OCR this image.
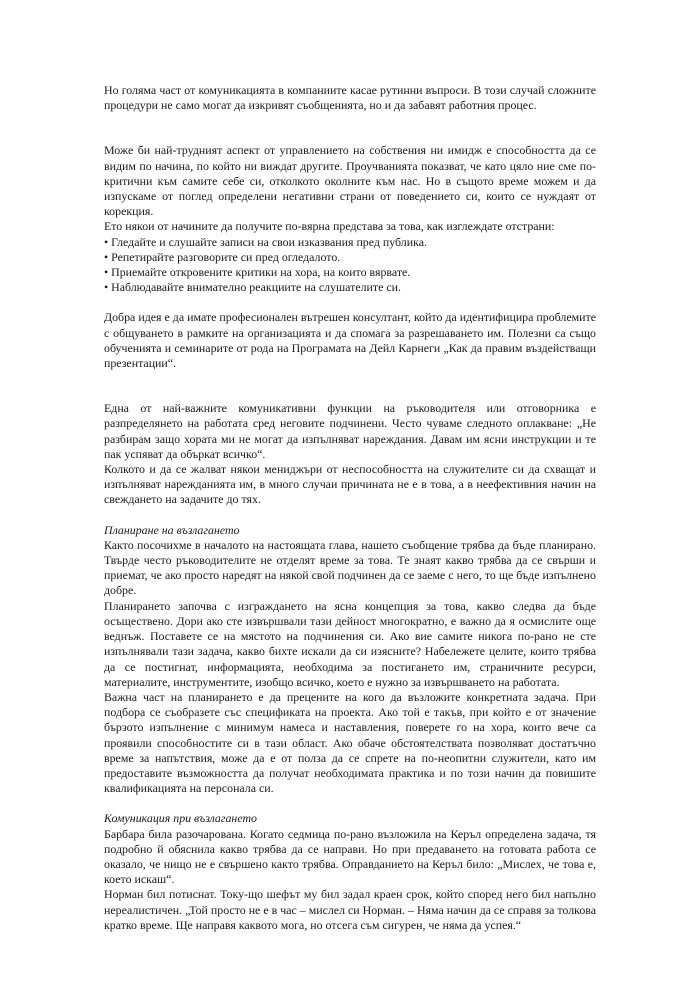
Но голяма част от комуникацията в компаниите касае рутинни въпроси. В този случай сложните процедури не само могат да изкривят съобщенията, но и да забавят работния процес.

Може би най-трудният аспект от управлението на собствения ни имидж е способността да се видим по начина, по който ни виждат другите. Проучванията показват, че като цяло ние сме по-критични към самите себе си, отколкото околните към нас. Но в същото време можем и да изпускаме от поглед определени негативни страни от поведението си, които се нуждаят от корекция.

Ето някои от начините да получите по-вярна представа за това, как изглеждате отстрани:

• Гледайте и слушайте записи на свои изказвания пред публика.

• Репетирайте разговорите си пред огледалото.

• Приемайте откровените критики на хора, на които вярвате.

• Наблюдавайте внимателно реакциите на слушателите си.

Добра идея е да имате професионален вътрешен консултант, който да идентифицира проблемите с общуването в рамките на организацията и да спомага за разрешаването им. Полезни са също обученията и семинарите от рода на Програмата на Дейл Карнеги „Как да правим въздействащи презентации“.

Една от най-важните комуникативни функции на ръководителя или отговорника е разпределянето на работата сред неговите подчинени. Често чуваме следното оплакване: „Не разбирам защо хората ми не могат да изпълняват нареждания. Давам им ясни инструкции и те пак успяват да объркат всичко“.

Колкото и да се жалват някои мениджъри от неспособността на служителите си да схващат и изпълняват нарежданията им, в много случаи причината не е в това, а в неефективния начин на свеждането на задачите до тях.

Планиране на възлагането

Както посочихме в началото на настоящата глава, нашето съобщение трябва да бъде планирано. Твърде често ръководителите не отделят време за това. Те знаят какво трябва да се свърши и приемат, че ако просто наредят на някой свой подчинен да се заеме с него, то ще бъде изпълнено добре.

Планирането започва с изграждането на ясна концепция за това, какво следва да бъде осъществено. Дори ако сте извършвали тази дейност многократно, е важно да я осмислите още веднъж. Поставете се на мястото на подчинения си. Ако вие самите никога по-рано не сте изпълнявали тази задача, какво бихте искали да си изясните? Набележете целите, които трябва да се постигнат, информацията, необходима за постигането им, страничните ресурси, материалите, инструментите, изобщо всичко, което е нужно за извършването на работата.

Важна част на планирането е да прецените на кого да възложите конкретната задача. При подбора се съобразете със спецификата на проекта. Ако той е такъв, при който е от значение бързото изпълнение с минимум намеса и наставления, поверете го на хора, които вече са проявили способностите си в тази област. Ако обаче обстоятелствата позволяват достатъчно време за напътствия, може да е от полза да се спрете на по-неопитни служители, като им предоставите възможността да получат необходимата практика и по този начин да повишите квалификацията на персонала си.

Комуникация при възлагането

Барбара била разочарована. Когато седмица по-рано възложила на Керъл определена задача, тя подробно й обяснила какво трябва да се направи. Но при предаването на готовата работа се оказало, че нищо не е свършено както трябва. Оправданието на Керъл било: „Мислех, че това е, което искаш“.

Норман бил потиснат. Току-що шефът му бил задал краен срок, който според него бил напълно нереалистичен. „Той просто не е в час – мислел си Норман. – Няма начин да се справя за толкова кратко време. Ще направя каквото мога, но отсега съм сигурен, че няма да успея.“
